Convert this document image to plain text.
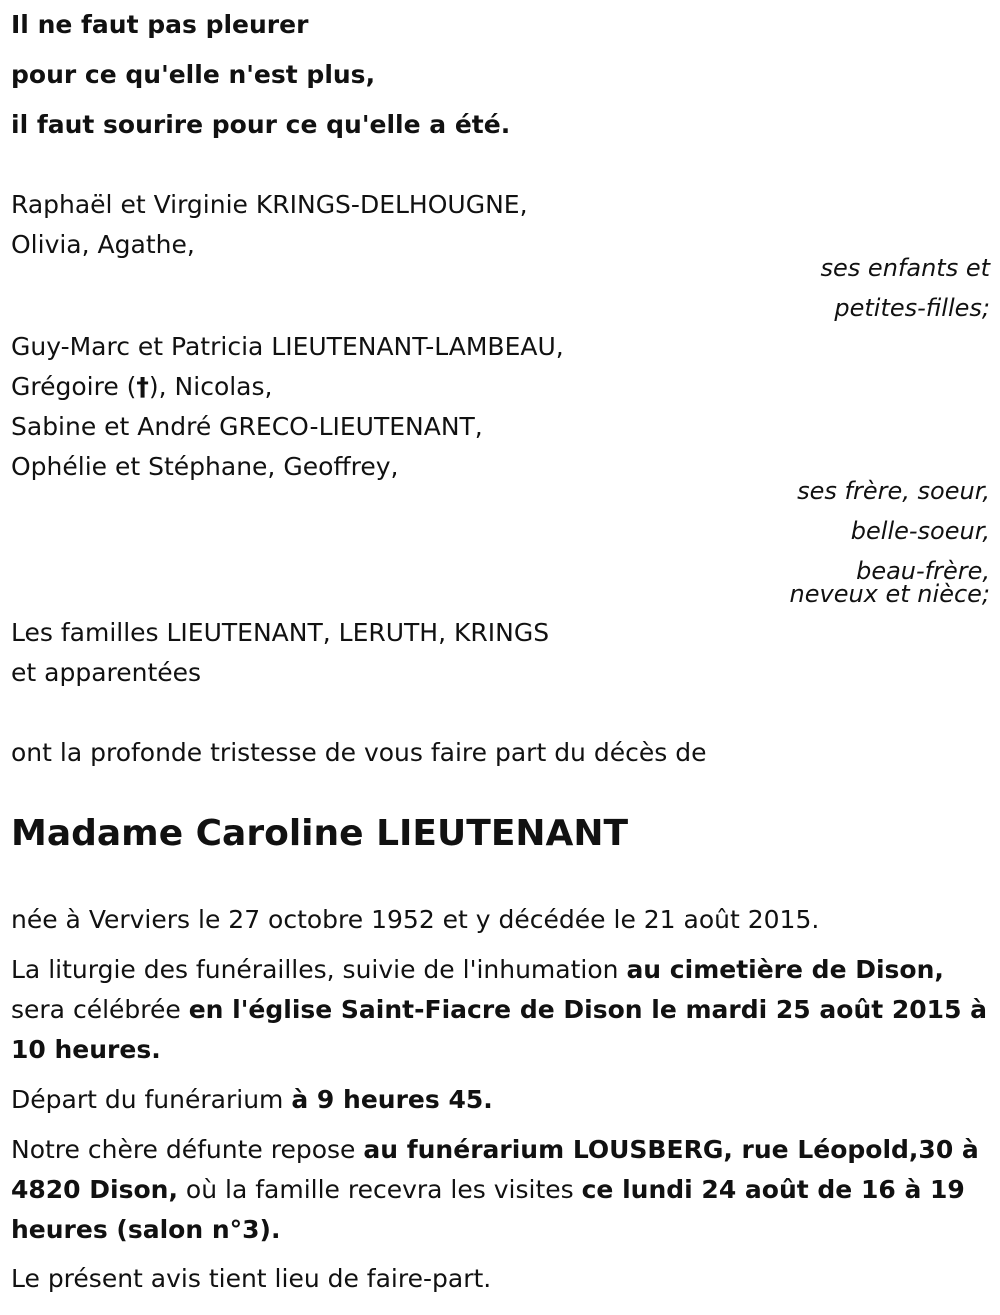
Il ne faut pas pleurer
pour ce qu'elle n'est plus,
il faut sourire pour ce qu'elle a été.
Raphaël et Virginie KRINGS-DELHOUGNE,
Olivia, Agathe,
ses enfants et
petites-filles;
Guy-Marc et Patricia LIEUTENANT-LAMBEAU,
Grégoire (†), Nicolas,
Sabine et André GRECO-LIEUTENANT,
Ophélie et Stéphane, Geoffrey,
ses frère, soeur,
belle-soeur,
beau-frère,
neveux et nièce;
Les familles LIEUTENANT, LERUTH, KRINGS
et apparentées
ont la profonde tristesse de vous faire part du décès de
Madame Caroline LIEUTENANT
née à Verviers le 27 octobre 1952 et y décédée le 21 août 2015.
La liturgie des funérailles, suivie de l'inhumation au cimetière de Dison, sera célébrée en l'église Saint-Fiacre de Dison le mardi 25 août 2015 à 10 heures.
Départ du funérarium à 9 heures 45.
Notre chère défunte repose au funérarium LOUSBERG, rue Léopold,30 à 4820 Dison, où la famille recevra les visites ce lundi 24 août de 16 à 19 heures (salon n°3).
Le présent avis tient lieu de faire-part.
